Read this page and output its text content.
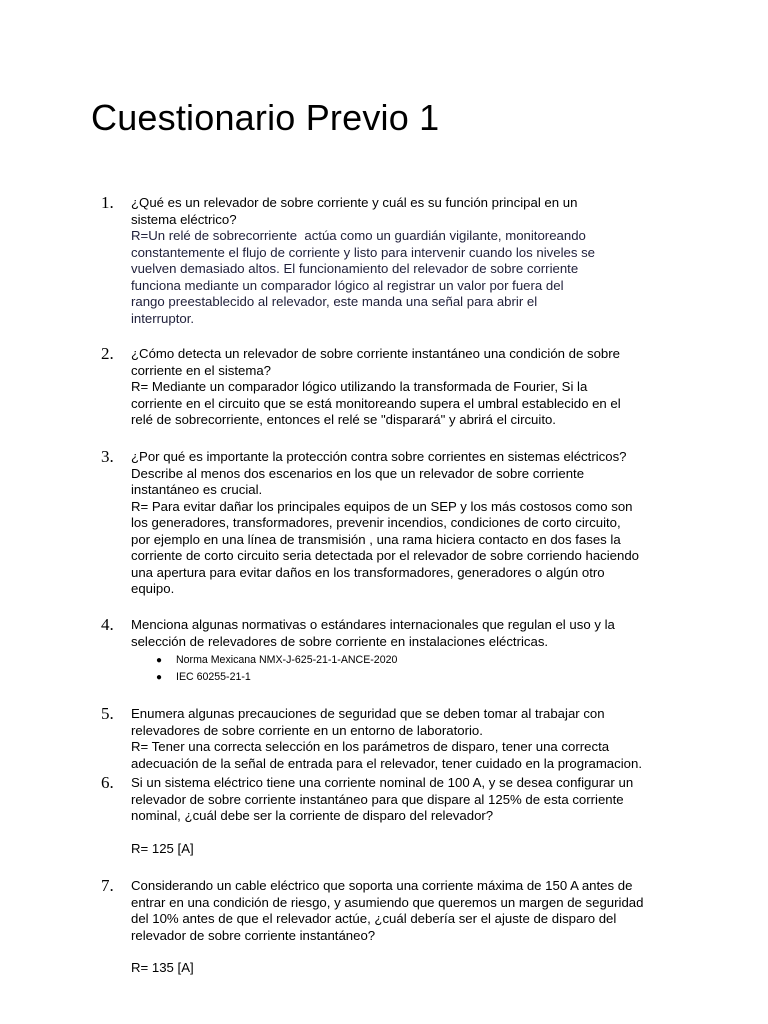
Cuestionario Previo 1
1. ¿Qué es un relevador de sobre corriente y cuál es su función principal en un
sistema eléctrico?
R=Un relé de sobrecorriente  actúa como un guardián vigilante, monitoreando
constantemente el flujo de corriente y listo para intervenir cuando los niveles se
vuelven demasiado altos. El funcionamiento del relevador de sobre corriente
funciona mediante un comparador lógico al registrar un valor por fuera del
rango preestablecido al relevador, este manda una señal para abrir el
interruptor.
2. ¿Cómo detecta un relevador de sobre corriente instantáneo una condición de sobre
corriente en el sistema?
R= Mediante un comparador lógico utilizando la transformada de Fourier, Si la
corriente en el circuito que se está monitoreando supera el umbral establecido en el
relé de sobrecorriente, entonces el relé se "disparará" y abrirá el circuito.
3. ¿Por qué es importante la protección contra sobre corrientes en sistemas eléctricos?
Describe al menos dos escenarios en los que un relevador de sobre corriente
instantáneo es crucial.
R= Para evitar dañar los principales equipos de un SEP y los más costosos como son
los generadores, transformadores, prevenir incendios, condiciones de corto circuito,
por ejemplo en una línea de transmisión , una rama hiciera contacto en dos fases la
corriente de corto circuito seria detectada por el relevador de sobre corriendo haciendo
una apertura para evitar daños en los transformadores, generadores o algún otro
equipo.
4. Menciona algunas normativas o estándares internacionales que regulan el uso y la
selección de relevadores de sobre corriente en instalaciones eléctricas.
● Norma Mexicana NMX-J-625-21-1-ANCE-2020
● IEC 60255-21-1
5. Enumera algunas precauciones de seguridad que se deben tomar al trabajar con
relevadores de sobre corriente en un entorno de laboratorio.
R= Tener una correcta selección en los parámetros de disparo, tener una correcta
adecuación de la señal de entrada para el relevador, tener cuidado en la programacion.
6. Si un sistema eléctrico tiene una corriente nominal de 100 A, y se desea configurar un
relevador de sobre corriente instantáneo para que dispare al 125% de esta corriente
nominal, ¿cuál debe ser la corriente de disparo del relevador?
R= 125 [A]
7. Considerando un cable eléctrico que soporta una corriente máxima de 150 A antes de
entrar en una condición de riesgo, y asumiendo que queremos un margen de seguridad
del 10% antes de que el relevador actúe, ¿cuál debería ser el ajuste de disparo del
relevador de sobre corriente instantáneo?
R= 135 [A]
